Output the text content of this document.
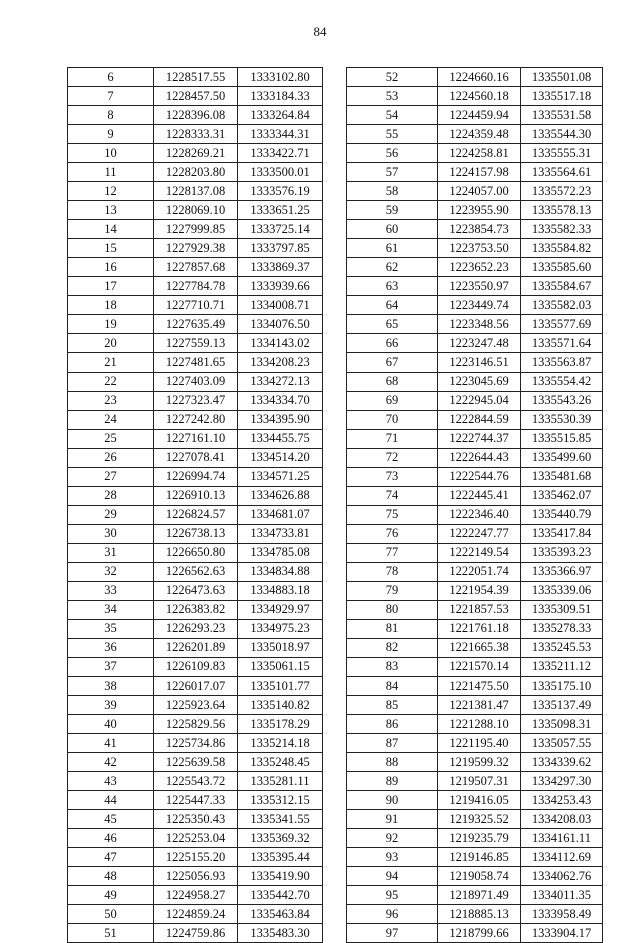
84
6	1228517.55	1333102.80
7	1228457.50	1333184.33
8	1228396.08	1333264.84
9	1228333.31	1333344.31
10	1228269.21	1333422.71
11	1228203.80	1333500.01
12	1228137.08	1333576.19
13	1228069.10	1333651.25
14	1227999.85	1333725.14
15	1227929.38	1333797.85
16	1227857.68	1333869.37
17	1227784.78	1333939.66
18	1227710.71	1334008.71
19	1227635.49	1334076.50
20	1227559.13	1334143.02
21	1227481.65	1334208.23
22	1227403.09	1334272.13
23	1227323.47	1334334.70
24	1227242.80	1334395.90
25	1227161.10	1334455.75
26	1227078.41	1334514.20
27	1226994.74	1334571.25
28	1226910.13	1334626.88
29	1226824.57	1334681.07
30	1226738.13	1334733.81
31	1226650.80	1334785.08
32	1226562.63	1334834.88
33	1226473.63	1334883.18
34	1226383.82	1334929.97
35	1226293.23	1334975.23
36	1226201.89	1335018.97
37	1226109.83	1335061.15
38	1226017.07	1335101.77
39	1225923.64	1335140.82
40	1225829.56	1335178.29
41	1225734.86	1335214.18
42	1225639.58	1335248.45
43	1225543.72	1335281.11
44	1225447.33	1335312.15
45	1225350.43	1335341.55
46	1225253.04	1335369.32
47	1225155.20	1335395.44
48	1225056.93	1335419.90
49	1224958.27	1335442.70
50	1224859.24	1335463.84
51	1224759.86	1335483.30
52	1224660.16	1335501.08
53	1224560.18	1335517.18
54	1224459.94	1335531.58
55	1224359.48	1335544.30
56	1224258.81	1335555.31
57	1224157.98	1335564.61
58	1224057.00	1335572.23
59	1223955.90	1335578.13
60	1223854.73	1335582.33
61	1223753.50	1335584.82
62	1223652.23	1335585.60
63	1223550.97	1335584.67
64	1223449.74	1335582.03
65	1223348.56	1335577.69
66	1223247.48	1335571.64
67	1223146.51	1335563.87
68	1223045.69	1335554.42
69	1222945.04	1335543.26
70	1222844.59	1335530.39
71	1222744.37	1335515.85
72	1222644.43	1335499.60
73	1222544.76	1335481.68
74	1222445.41	1335462.07
75	1222346.40	1335440.79
76	1222247.77	1335417.84
77	1222149.54	1335393.23
78	1222051.74	1335366.97
79	1221954.39	1335339.06
80	1221857.53	1335309.51
81	1221761.18	1335278.33
82	1221665.38	1335245.53
83	1221570.14	1335211.12
84	1221475.50	1335175.10
85	1221381.47	1335137.49
86	1221288.10	1335098.31
87	1221195.40	1335057.55
88	1219599.32	1334339.62
89	1219507.31	1334297.30
90	1219416.05	1334253.43
91	1219325.52	1334208.03
92	1219235.79	1334161.11
93	1219146.85	1334112.69
94	1219058.74	1334062.76
95	1218971.49	1334011.35
96	1218885.13	1333958.49
97	1218799.66	1333904.17
